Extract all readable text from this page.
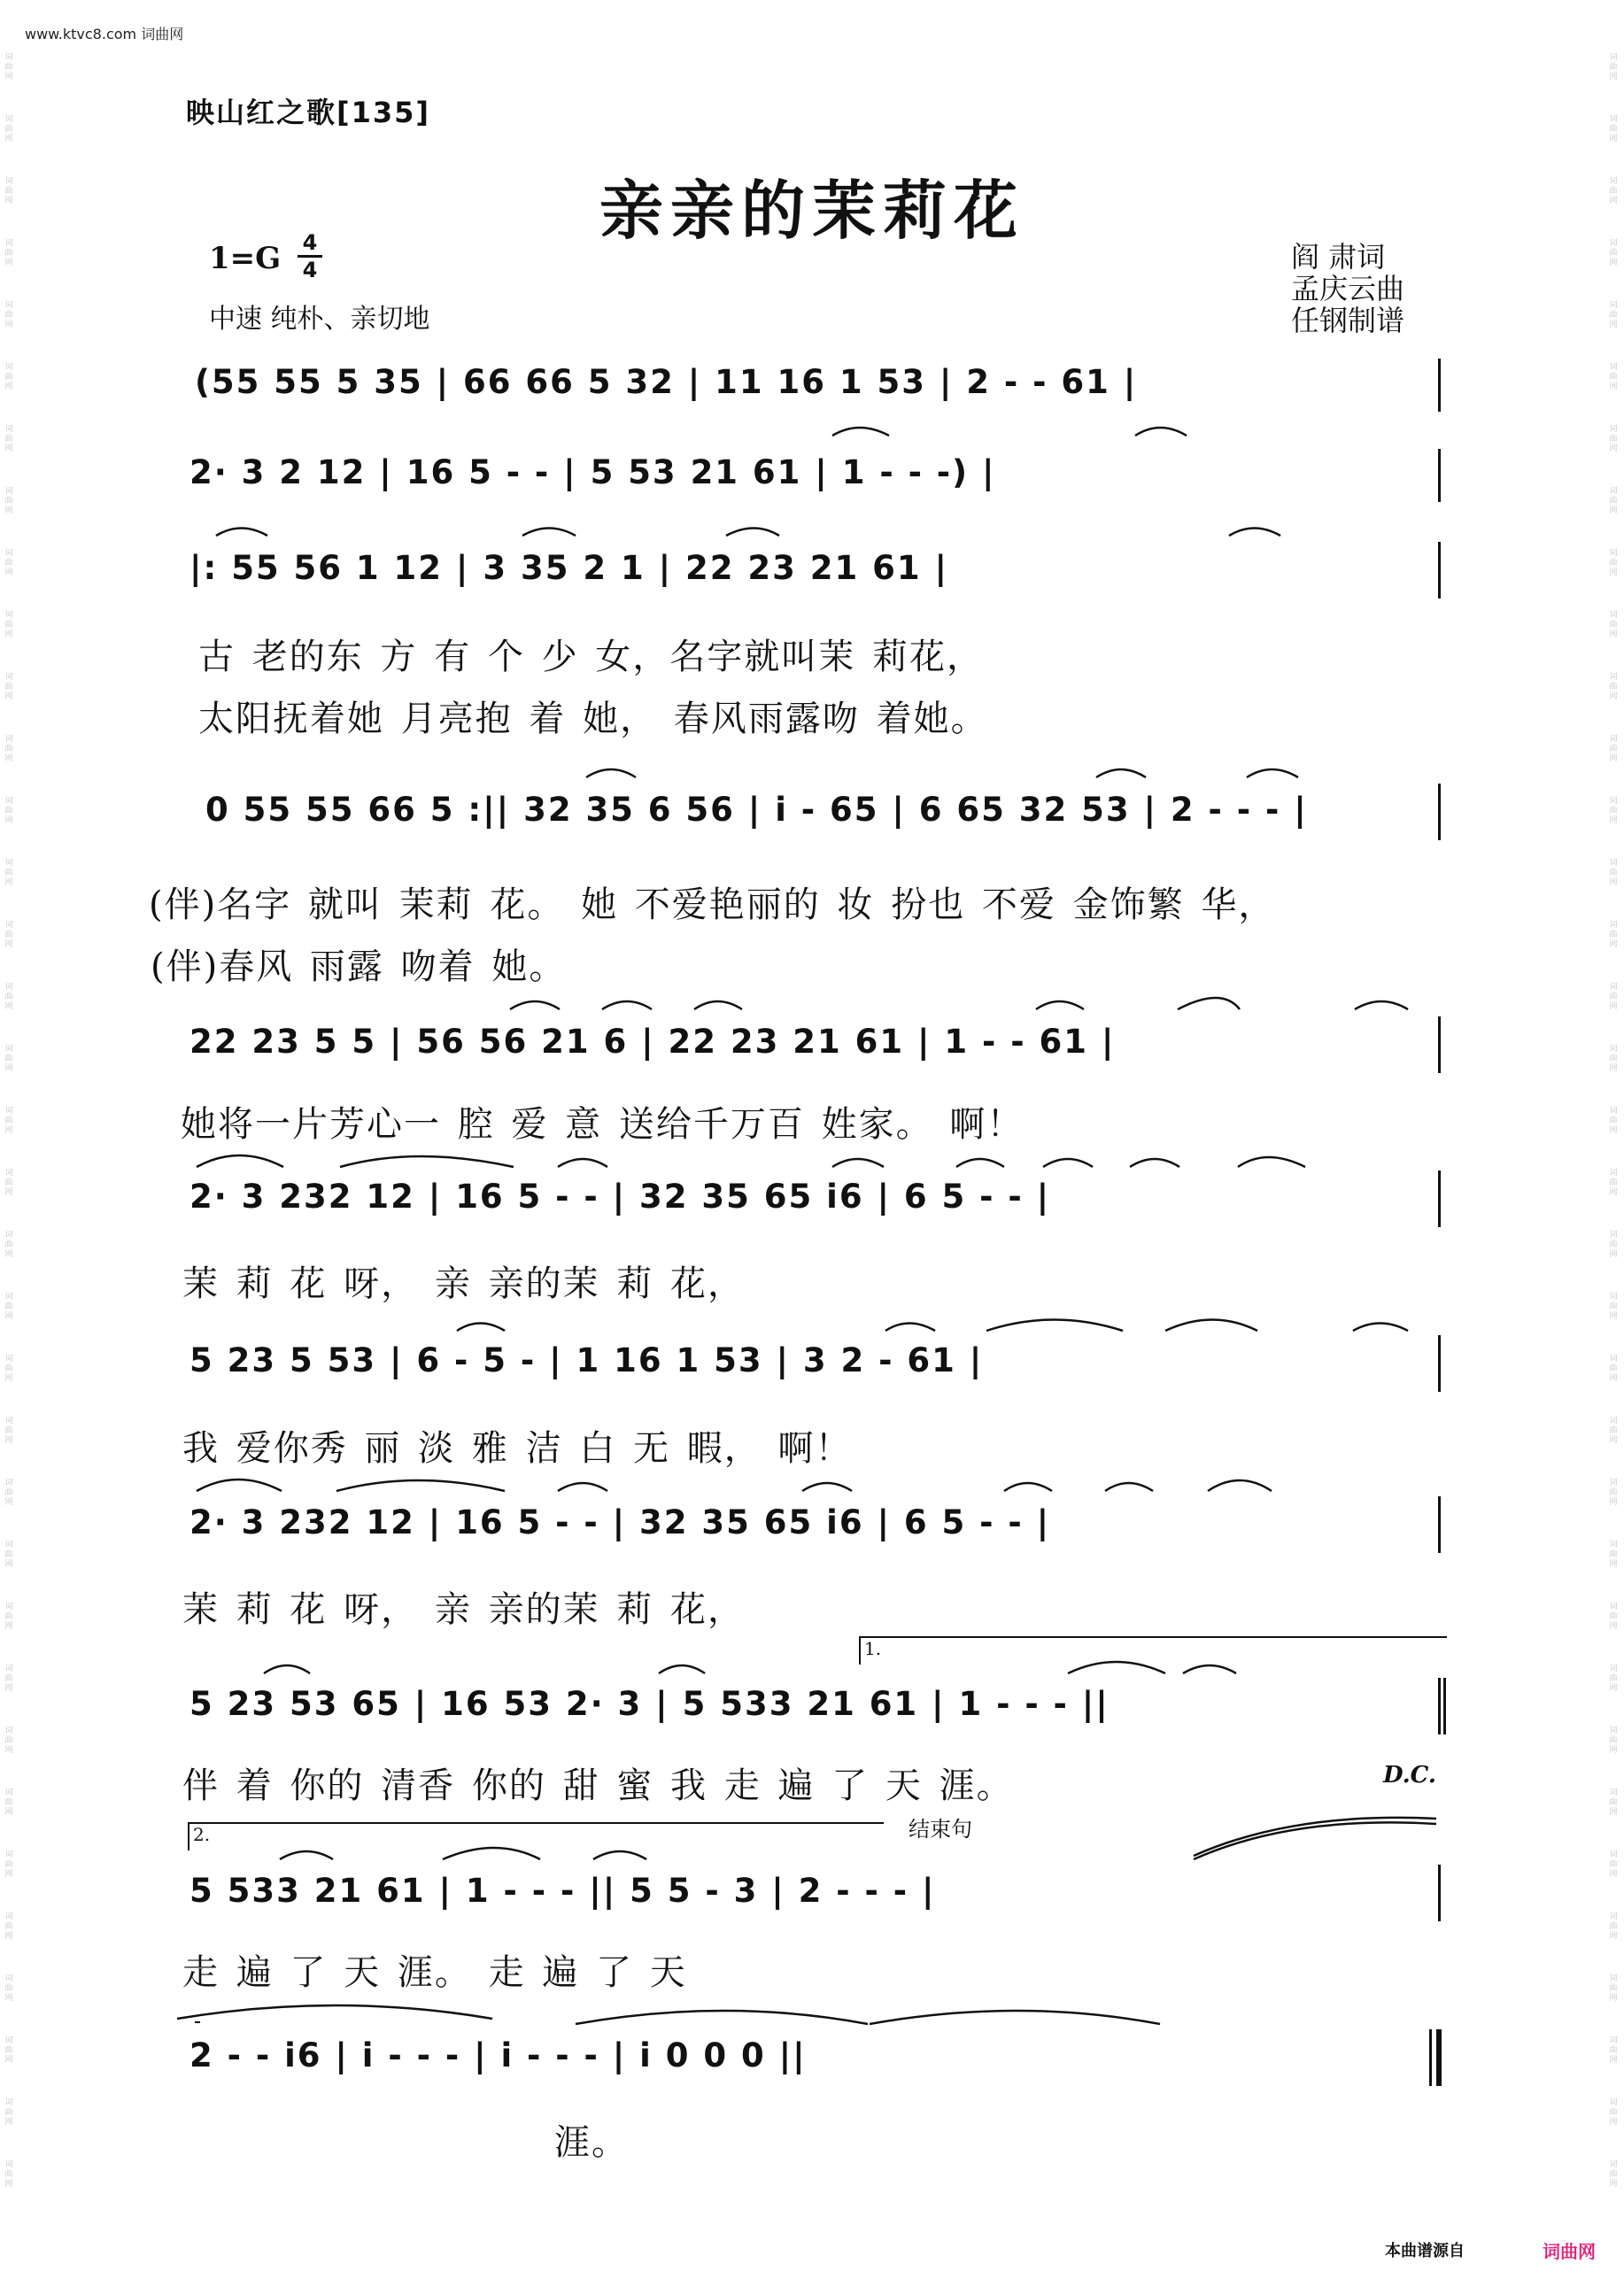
www.ktvc8.com 词曲网
词曲网
词曲网
词曲网
词曲网
词曲网
词曲网
词曲网
词曲网
词曲网
词曲网
词曲网
词曲网
词曲网
词曲网
词曲网
词曲网
词曲网
词曲网
词曲网
词曲网
词曲网
词曲网
词曲网
词曲网
词曲网
词曲网
词曲网
词曲网
词曲网
词曲网
词曲网
词曲网
词曲网
词曲网
词曲网
词曲网
词曲网
词曲网
词曲网
词曲网
词曲网
词曲网
词曲网
词曲网
词曲网
词曲网
词曲网
词曲网
词曲网
词曲网
词曲网
词曲网
词曲网
词曲网
词曲网
词曲网
词曲网
词曲网
词曲网
词曲网
词曲网
词曲网
词曲网
词曲网
词曲网
词曲网
词曲网
词曲网
词曲网
词曲网
映山红之歌[135]
亲亲的茉莉花
1=G 4
4
中速 纯朴、亲切地
阎 肃词
孟庆云曲
任钢制谱
(55 55 5 35 | 66 66 5 32 | 11 16 1 53 | 2 - - 61 |
2· 3 2 12 | 16 5 - - | 5 53 21 61 | 1 - - -) |
|: 55 56 1 12 | 3 35 2 1 | 22 23 21 61 |
古 老的东 方 有 个 少 女，名字就叫茉 莉花，
太阳抚着她 月亮抱 着 她， 春风雨露吻 着她。
0 55 55 66 5 :|| 32 35 6 56 | i - 65 | 6 65 32 53 | 2 - - - |
(伴)名字 就叫 茉莉 花。 她 不爱艳丽的 妆 扮也 不爱 金饰繁 华，
(伴)春风 雨露 吻着 她。
22 23 5 5 | 56 56 21 6 | 22 23 21 61 | 1 - - 61 |
她将一片芳心一 腔 爱 意 送给千万百 姓家。 啊！
2· 3 232 12 | 16 5 - - | 32 35 65 i6 | 6 5 - - |
茉 莉 花 呀， 亲 亲的茉 莉 花，
5 23 5 53 | 6 - 5 - | 1 16 1 53 | 3 2 - 61 |
我 爱你秀 丽 淡 雅 洁 白 无 暇， 啊！
2· 3 232 12 | 16 5 - - | 32 35 65 i6 | 6 5 - - |
茉 莉 花 呀， 亲 亲的茉 莉 花，
1.
5 23 53 65 | 16 53 2· 3 | 5 533 21 61 | 1 - - - ||
伴 着 你的 清香 你的 甜 蜜 我 走 遍 了 天 涯。	D.C.
2.	结束句
5 533 21 61 | 1 - - - || 5 5 - 3 | 2 - - - |
走 遍 了 天 涯。 走 遍 了 天
2 - - i6 | i - - - | i - - - | i 0 0 0 ||
涯。
本曲谱源自	词曲网
